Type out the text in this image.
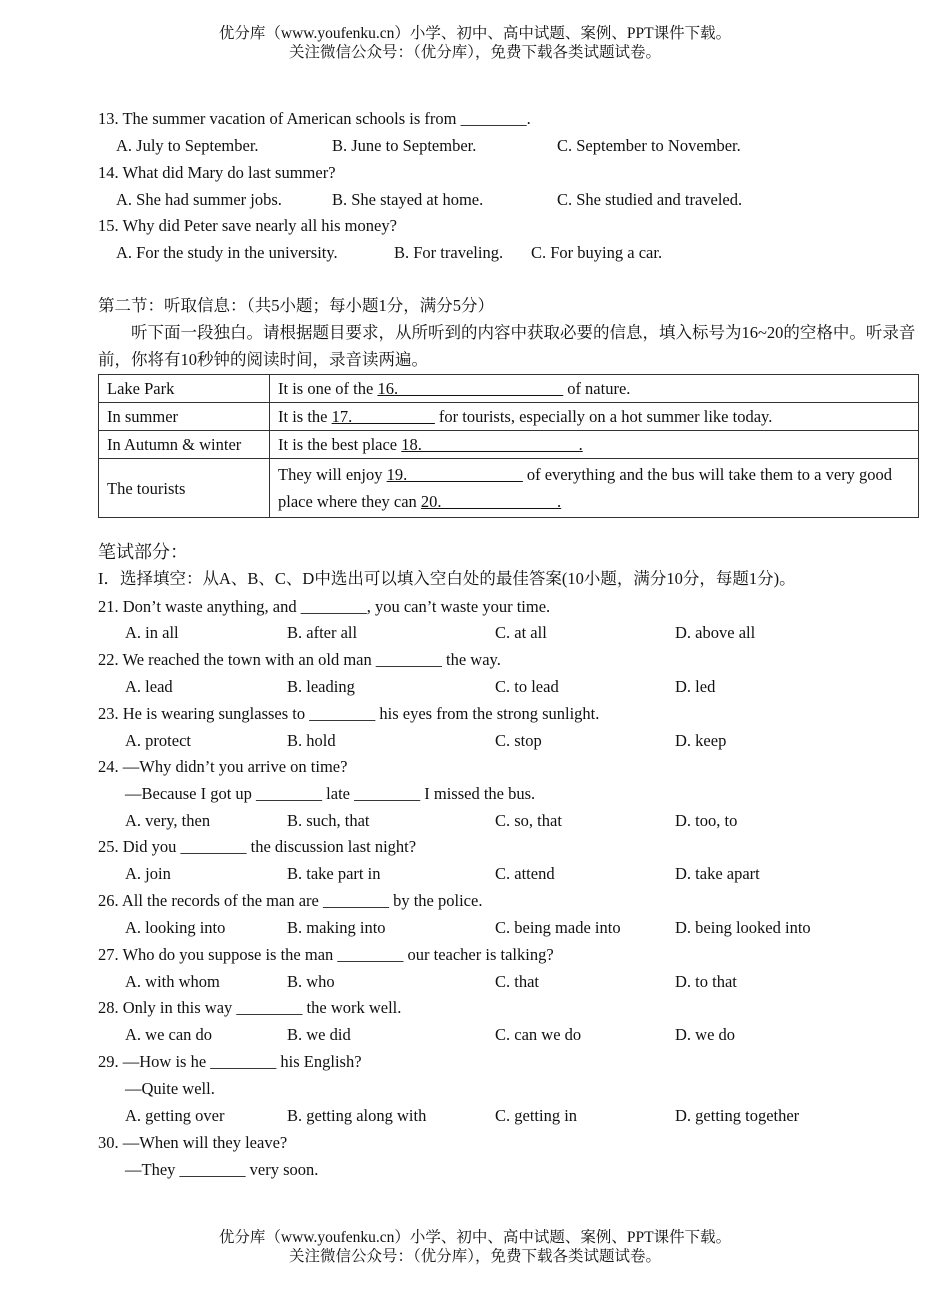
优分库（www.youfenku.cn）小学、初中、高中试题、案例、PPT课件下载。
关注微信公众号：（优分库），免费下载各类试题试卷。
13. The summer vacation of American schools is from ________.
A. July to September.	B. June to September.	C. September to November.
14. What did Mary do last summer?
A. She had summer jobs.	B. She stayed at home.	C. She studied and traveled.
15. Why did Peter save nearly all his money?
A. For the study in the university.	B. For traveling. C. For buying a car.
第二节：听取信息：（共5小题；每小题1分，满分5分）
听下面一段独白。请根据题目要求，从所听到的内容中获取必要的信息，填入标号为16~20的空格中。听录音前，你将有10秒钟的阅读时间，录音读两遍。
Lake Park	It is one of the 16.____________________ of nature.
In summer	It is the 17.__________ for tourists, especially on a hot summer like today.
In Autumn & winter	It is the best place 18.___________________.
The tourists	They will enjoy 19.______________ of everything and the bus will take them to a very good place where they can 20.______________.
笔试部分：
I．选择填空：从A、B、C、D中选出可以填入空白处的最佳答案(10小题，满分10分，每题1分)。
21. Don’t waste anything, and ________, you can’t waste your time.
A. in all	B. after all	C. at all	D. above all
22. We reached the town with an old man ________ the way.
A. lead	B. leading	C. to lead	D. led
23. He is wearing sunglasses to ________ his eyes from the strong sunlight.
A. protect	B. hold	C. stop	D. keep
24. —Why didn’t you arrive on time?
—Because I got up ________ late ________ I missed the bus.
A. very, then	B. such, that	C. so, that	D. too, to
25. Did you ________ the discussion last night?
A. join	B. take part in	C. attend	D. take apart
26. All the records of the man are ________ by the police.
A. looking into	B. making into	C. being made into	D. being looked into
27. Who do you suppose is the man ________ our teacher is talking?
A. with whom	B. who	C. that	D. to that
28. Only in this way ________ the work well.
A. we can do	B. we did	C. can we do	D. we do
29. —How is he ________ his English?
—Quite well.
A. getting over	B. getting along with	C. getting in	D. getting together
30. —When will they leave?
—They ________ very soon.
优分库（www.youfenku.cn）小学、初中、高中试题、案例、PPT课件下载。
关注微信公众号：（优分库），免费下载各类试题试卷。
